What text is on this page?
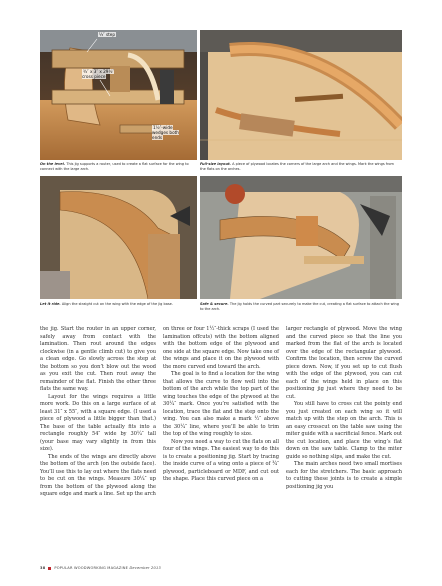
⅓″ step
¾″ x 3″ x 29½″ cross piece
1½″-wide wedges both ends
On the level. This jig supports a router, used to create a flat surface for the wing to connect with the large arch.
Full-size layout. A piece of plywood locates the corners of the large arch and the wings. Mark the wings from the flats on the arches.
Let it ride. Align the straight cut on the wing with the edge of the jig base.	Safe & secure. The jig holds the curved part securely to make the cut, creating a flat surface to attach the wing to the arch.

the jig. Start the router in an upper corner, safely away from contact with the lamination. Then rout around the edges clockwise (in a gentle climb cut) to give you a clean edge. Go slowly across the step at the bottom so you don’t blow out the wood as you exit the cut. Then rout away the remainder of the flat. Finish the other three flats the same way.

Layout for the wings requires a little more work. Do this on a large surface of at least 31″ x 55″, with a square edge. (I used a piece of plywood a little bigger than that.) The base of the table actually fits into a rectangle roughly 54″ wide by 30¼″ tall (your base may vary slightly in from this size).

The ends of the wings are directly above the bottom of the arch (on the outside face). You’ll use this to lay out where the flats need to be cut on the wings. Measure 30¼″ up from the bottom of the plywood along the square edge and mark a line. Set up the arch

on three or four 1½″-thick scraps (I used the lamination offcuts) with the bottom aligned with the bottom edge of the plywood and one side at the square edge. Now take one of the wings and place it on the plywood with the more curved end toward the arch.

The goal is to find a location for the wing that allows the curve to flow well into the bottom of the arch while the top part of the wing touches the edge of the plywood at the 30¼″ mark. Once you’re satisfied with the location, trace the flat and the step onto the wing. You can also make a mark ½″ above the 30¼″ line, where you’ll be able to trim the top of the wing roughly to size.

Now you need a way to cut the flats on all four of the wings. The easiest way to do this is to create a positioning jig. Start by tracing the inside curve of a wing onto a piece of ¾″ plywood, particleboard or MDF, and cut out the shape. Place this curved piece on a

larger rectangle of plywood. Move the wing and the curved piece so that the line you marked from the flat of the arch is located over the edge of the rectangular plywood. Confirm the location, then screw the curved piece down. Now, if you set up to cut flush with the edge of the plywood, you can cut each of the wings held in place on this positioning jig just where they need to be cut.

You still have to cross cut the pointy end you just created on each wing so it will match up with the step on the arch. This is an easy crosscut on the table saw using the miter guide with a sacrificial fence. Mark out the cut location, and place the wing’s flat down on the saw table. Clamp to the miter guide so nothing slips, and make the cut.

The main arches need two small mortises each for the stretchers. The basic approach to cutting these joints is to create a simple positioning jig you

38	POPULAR WOODWORKING MAGAZINE December 2013
